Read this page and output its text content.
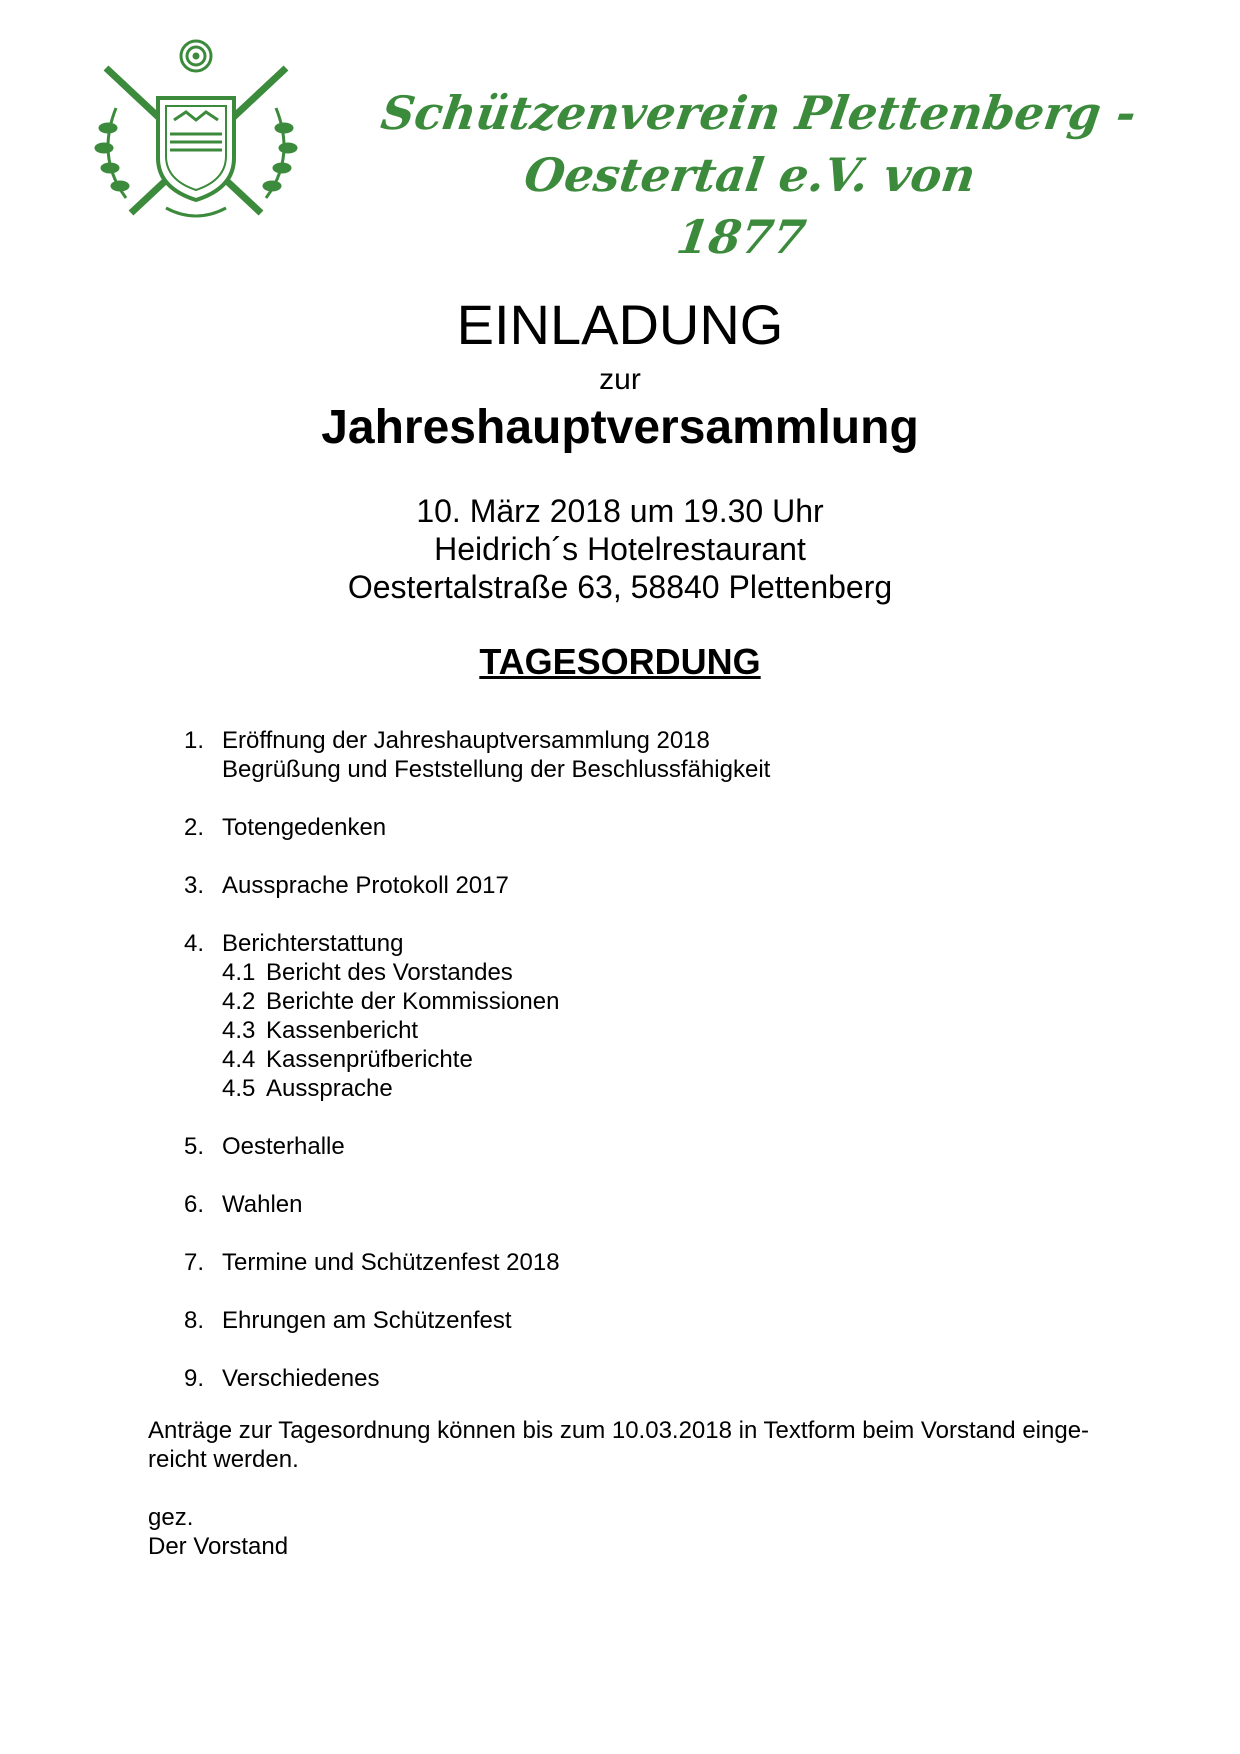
Schützenverein Plettenberg - Oestertal e.V. von
1877
EINLADUNG
zur
Jahreshauptversammlung
10. März 2018 um 19.30 Uhr
Heidrich´s Hotelrestaurant
Oestertalstraße 63, 58840 Plettenberg
TAGESORDUNG
1. Eröffnung der Jahreshauptversammlung 2018
Begrüßung und Feststellung der Beschlussfähigkeit
2. Totengedenken
3. Aussprache Protokoll 2017
4. Berichterstattung
4.1 Bericht des Vorstandes
4.2 Berichte der Kommissionen
4.3 Kassenbericht
4.4 Kassenprüfberichte
4.5 Aussprache
5. Oesterhalle
6. Wahlen
7. Termine und Schützenfest 2018
8. Ehrungen am Schützenfest
9. Verschiedenes
Anträge zur Tagesordnung können bis zum 10.03.2018 in Textform beim Vorstand einge-
reicht werden.
gez.
Der Vorstand
